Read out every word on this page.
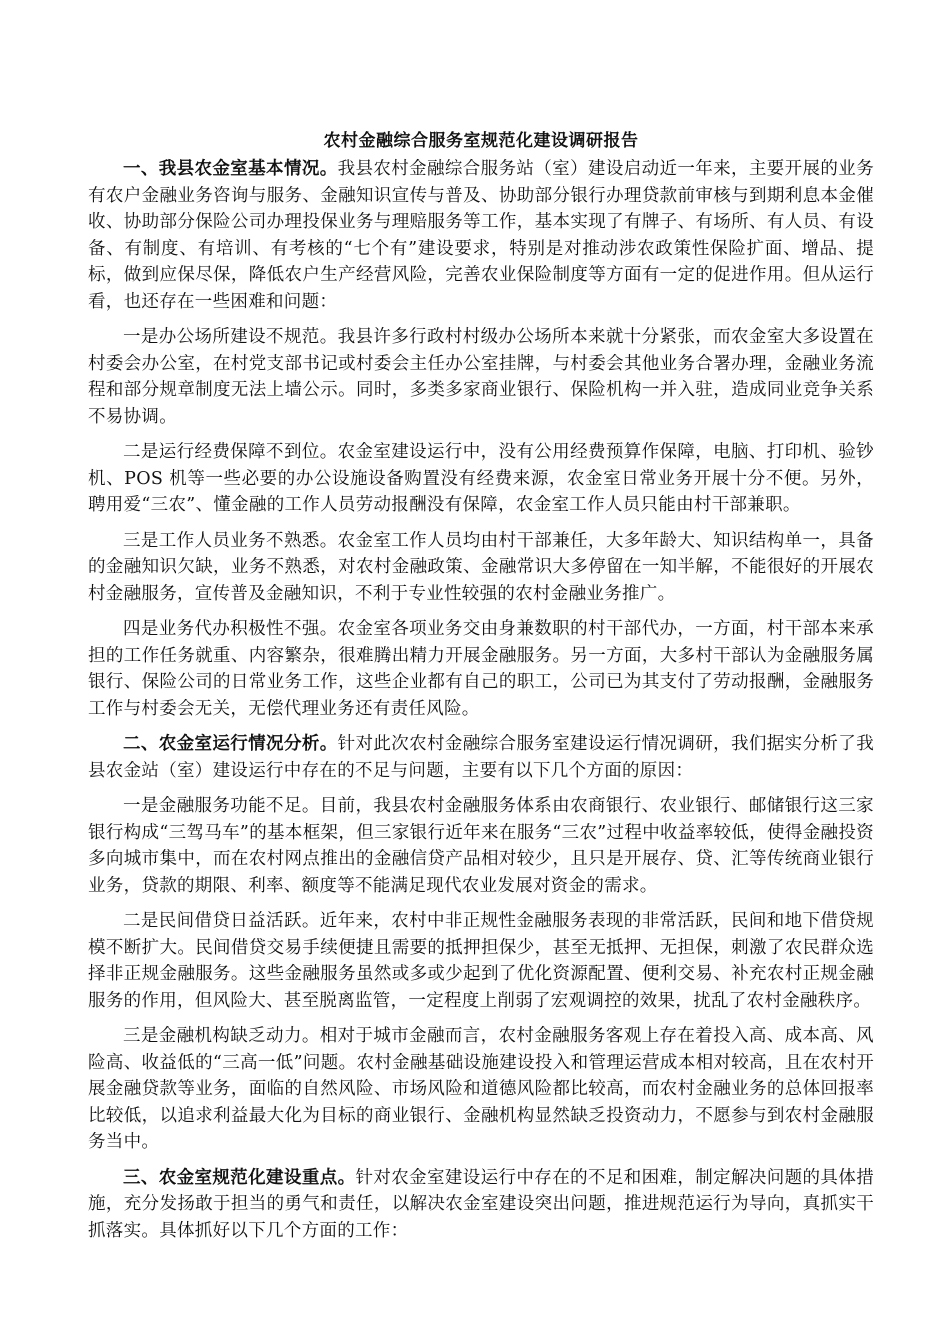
农村金融综合服务室规范化建设调研报告

一、我县农金室基本情况。我县农村金融综合服务站（室）建设启动近一年来，主要开展的业务有农户金融业务咨询与服务、金融知识宣传与普及、协助部分银行办理贷款前审核与到期利息本金催收、协助部分保险公司办理投保业务与理赔服务等工作，基本实现了有牌子、有场所、有人员、有设备、有制度、有培训、有考核的“七个有”建设要求，特别是对推动涉农政策性保险扩面、增品、提标，做到应保尽保，降低农户生产经营风险，完善农业保险制度等方面有一定的促进作用。但从运行看，也还存在一些困难和问题：

一是办公场所建设不规范。我县许多行政村村级办公场所本来就十分紧张，而农金室大多设置在村委会办公室，在村党支部书记或村委会主任办公室挂牌，与村委会其他业务合署办理，金融业务流程和部分规章制度无法上墙公示。同时，多类多家商业银行、保险机构一并入驻，造成同业竞争关系不易协调。

二是运行经费保障不到位。农金室建设运行中，没有公用经费预算作保障，电脑、打印机、验钞机、POS 机等一些必要的办公设施设备购置没有经费来源，农金室日常业务开展十分不便。另外，聘用爱“三农”、懂金融的工作人员劳动报酬没有保障，农金室工作人员只能由村干部兼职。

三是工作人员业务不熟悉。农金室工作人员均由村干部兼任，大多年龄大、知识结构单一，具备的金融知识欠缺，业务不熟悉，对农村金融政策、金融常识大多停留在一知半解，不能很好的开展农村金融服务，宣传普及金融知识，不利于专业性较强的农村金融业务推广。

四是业务代办积极性不强。农金室各项业务交由身兼数职的村干部代办，一方面，村干部本来承担的工作任务就重、内容繁杂，很难腾出精力开展金融服务。另一方面，大多村干部认为金融服务属银行、保险公司的日常业务工作，这些企业都有自己的职工，公司已为其支付了劳动报酬，金融服务工作与村委会无关，无偿代理业务还有责任风险。

二、农金室运行情况分析。针对此次农村金融综合服务室建设运行情况调研，我们据实分析了我县农金站（室）建设运行中存在的不足与问题，主要有以下几个方面的原因：

一是金融服务功能不足。目前，我县农村金融服务体系由农商银行、农业银行、邮储银行这三家银行构成“三驾马车”的基本框架，但三家银行近年来在服务“三农”过程中收益率较低，使得金融投资多向城市集中，而在农村网点推出的金融信贷产品相对较少，且只是开展存、贷、汇等传统商业银行业务，贷款的期限、利率、额度等不能满足现代农业发展对资金的需求。

二是民间借贷日益活跃。近年来，农村中非正规性金融服务表现的非常活跃，民间和地下借贷规模不断扩大。民间借贷交易手续便捷且需要的抵押担保少，甚至无抵押、无担保，刺激了农民群众选择非正规金融服务。这些金融服务虽然或多或少起到了优化资源配置、便利交易、补充农村正规金融服务的作用，但风险大、甚至脱离监管，一定程度上削弱了宏观调控的效果，扰乱了农村金融秩序。

三是金融机构缺乏动力。相对于城市金融而言，农村金融服务客观上存在着投入高、成本高、风险高、收益低的“三高一低”问题。农村金融基础设施建设投入和管理运营成本相对较高，且在农村开展金融贷款等业务，面临的自然风险、市场风险和道德风险都比较高，而农村金融业务的总体回报率比较低，以追求利益最大化为目标的商业银行、金融机构显然缺乏投资动力，不愿参与到农村金融服务当中。

三、农金室规范化建设重点。针对农金室建设运行中存在的不足和困难，制定解决问题的具体措施，充分发扬敢于担当的勇气和责任，以解决农金室建设突出问题，推进规范运行为导向，真抓实干抓落实。具体抓好以下几个方面的工作：
